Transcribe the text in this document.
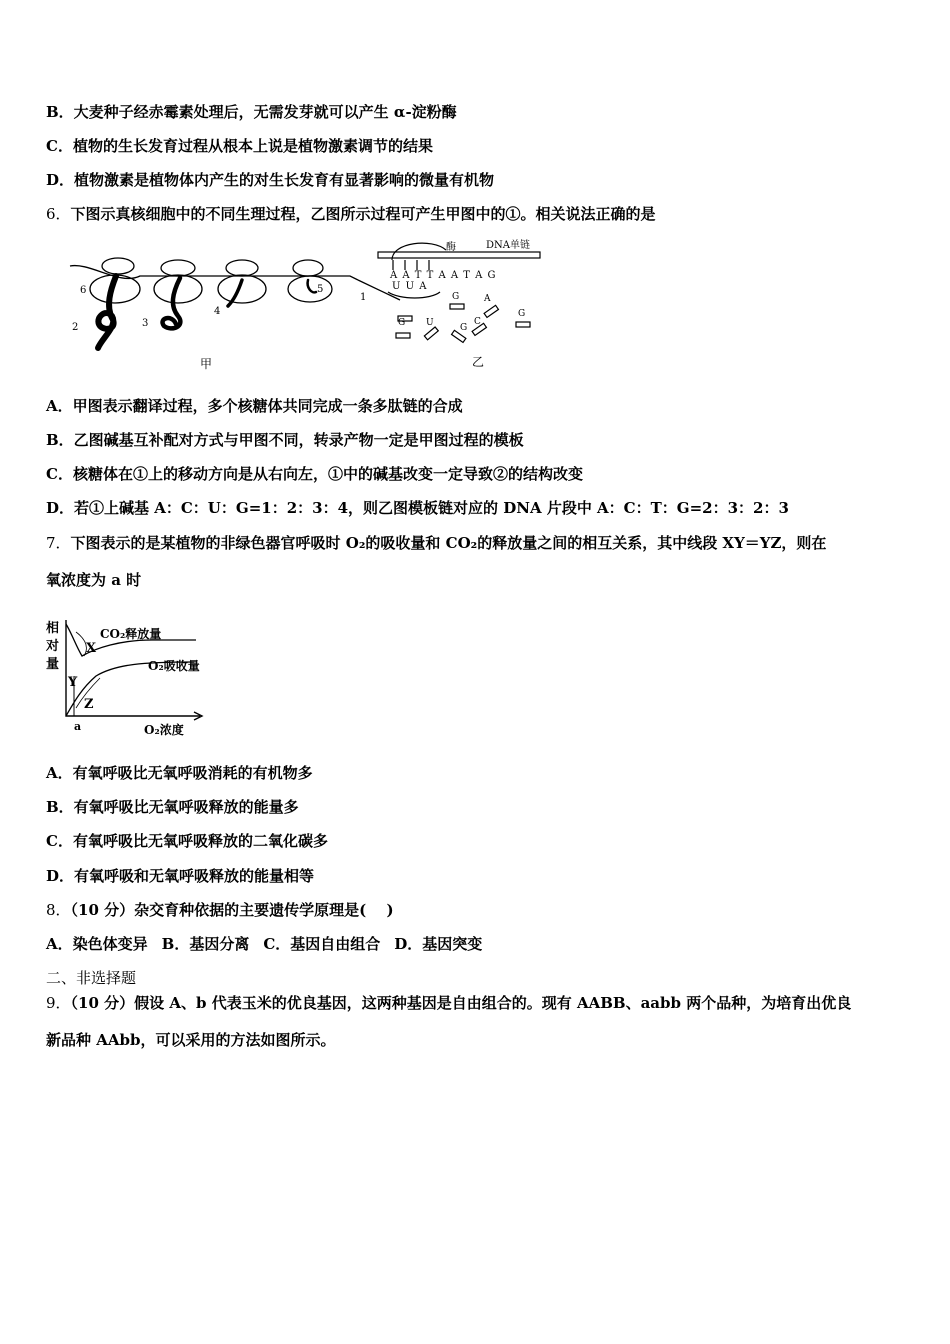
B．大麦种子经赤霉素处理后，无需发芽就可以产生 α-淀粉酶
C．植物的生长发育过程从根本上说是植物激素调节的结果
D．植物激素是植物体内产生的对生长发育有显著影响的微量有机物
6．下图示真核细胞中的不同生理过程，乙图所示过程可产生甲图中的①。相关说法正确的是
6
2	3
4
5
1
甲
酶	DNA单链
A A T T A A T A G
U U A
G	A
G
U	G
C
G
乙
A．甲图表示翻译过程，多个核糖体共同完成一条多肽链的合成
B．乙图碱基互补配对方式与甲图不同，转录产物一定是甲图过程的模板
C．核糖体在①上的移动方向是从右向左，①中的碱基改变一定导致②的结构改变
D．若①上碱基 A：C：U：G=1：2：3：4，则乙图模板链对应的 DNA 片段中 A：C：T：G=2：3：2：3
7．下图表示的是某植物的非绿色器官呼吸时 O₂的吸收量和 CO₂的释放量之间的相互关系，其中线段 XY＝YZ，则在
氧浓度为 a 时
相
对
量
CO₂释放量
O₂吸收量
X
Y
Z
a	O₂浓度
A．有氧呼吸比无氧呼吸消耗的有机物多
B．有氧呼吸比无氧呼吸释放的能量多
C．有氧呼吸比无氧呼吸释放的二氧化碳多
D．有氧呼吸和无氧呼吸释放的能量相等
8．（10 分）杂交育种依据的主要遗传学原理是(　 )
A．染色体变异 B．基因分离 C．基因自由组合 D．基因突变
二、非选择题
9．（10 分）假设 A、b 代表玉米的优良基因，这两种基因是自由组合的。现有 AABB、aabb 两个品种，为培育出优良
新品种 AAbb，可以采用的方法如图所示。
